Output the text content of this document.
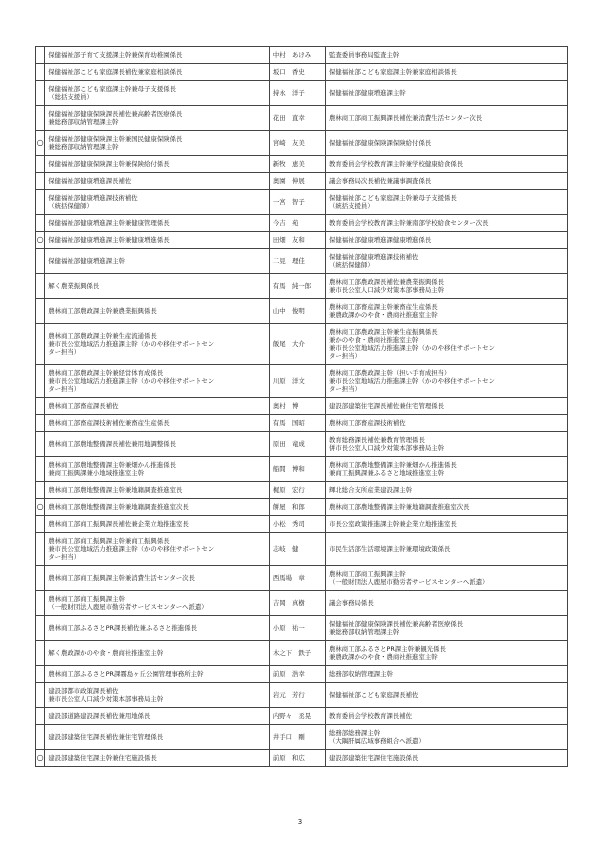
	保健福祉部子育て支援課主幹兼保育幼稚園係長	中村　あけみ	監査委員事務局監査主幹

	保健福祉部こども家庭課長補佐兼家庭相談係長	坂口　香史	保健福祉部こども家庭課主幹兼家庭相談係長

	保健福祉部こども家庭課主幹兼母子支援係長
（総括支援員）	持永　洋子	保健福祉部健康増進課主幹

	保健福祉部健康保険課長補佐兼高齢者医療係長
兼総務部収納管理課主幹	花田　直幸	農林商工部商工振興課長補佐兼消費生活センター次長

○	保健福祉部健康保険課主幹兼国民健康保険係長
兼総務部収納管理課主幹	宮崎　友美	保健福祉部健康保険課保険給付係長

	保健福祉部健康保険課主幹兼保険給付係長	新牧　恵美	教育委員会学校教育課主幹兼学校健康給食係長

	保健福祉部健康増進課長補佐	奥園　伸展	議会事務局次長補佐兼議事調査係長

	保健福祉部健康増進課技術補佐
（統括保健師）	一宮　智子	保健福祉部こども家庭課主幹兼母子支援係長
（統括支援員）

	保健福祉部健康増進課主幹兼健康管理係長	今吉　苑	教育委員会学校教育課主幹兼南部学校給食センター次長

○	保健福祉部健康増進課主幹兼健康増進係長	田畑　友和	保健福祉部健康増進課健康増進係長

	保健福祉部健康増進課主幹	二見　理佳	保健福祉部健康増進課技術補佐
（統括保健師）

	解く農業振興係長	有馬　純一郎	農林商工部農政課長補佐兼農業振興係長
兼市長公室人口減少対策本部事務局主幹

	農林商工部農政課主幹兼農業振興係長	山中　俊明	農林商工部畜産課主幹兼畜産生産係長
兼農政課かのや食・農商社推進室主幹

	農林商工部農政課主幹兼生産流通係長
兼市長公室地域活力推進課主幹（かのや移住サポートセン
ター担当）	飯尾　大介	農林商工部農政課主幹兼生産振興係長
兼かのや食・農商社推進室主幹
兼市長公室地域活力推進課主幹（かのや移住サポートセン
ター担当）

	農林商工部農政課主幹兼経営体育成係長
兼市長公室地域活力推進課主幹（かのや移住サポートセン
ター担当）	川原　洋文	農林商工部農政課主幹（担い手育成担当）
兼市長公室地域活力推進課主幹（かのや移住サポートセン
ター担当）

	農林商工部畜産課長補佐	奥村　博	建設部建築住宅課長補佐兼住宅管理係長

	農林商工部畜産課技術補佐兼畜産生産係長	有馬　国昭	農林商工部畜産課技術補佐

	農林商工部農地整備課長補佐兼用地調整係長	原田　竜成	教育総務課長補佐兼教育管理係長
併市長公室人口減少対策本部事務局主幹

	農林商工部農地整備課主幹兼畑かん推進係長
兼商工振興課兼小地域推進室主幹	船間　博和	農林商工部農地整備課主幹兼畑かん推進係長
兼商工振興課兼ふるさと地域推進室主幹

	農林商工部農地整備課主幹兼地籍調査推進室長	梶原　宏行	輝北総合支所産業建設課主幹

○	農林商工部農地整備課主幹兼地籍調査推進室次長	餅屋　和郎	農林商工部農地整備課主幹兼地籍調査推進室次長

	農林商工部商工振興課長補佐兼企業立地推進室長	小松　秀司	市長公室政策推進課主幹兼企業立地推進室長

	農林商工部商工振興課主幹兼商工振興係長
兼市長公室地域活力推進課主幹（かのや移住サポートセン
ター担当）	志岐　健	市民生活部生活環境課主幹兼環境政策係長

	農林商工部商工振興課主幹兼消費生活センター次長	西馬場　章	農林商工部商工振興課主幹
（一般財団法人鹿屋市勤労者サービスセンターへ派遣）

	農林商工部商工振興課主幹
（一般財団法人鹿屋市勤労者サービスセンターへ派遣）	吉岡　真樹	議会事務局係長

	農林商工部ふるさとPR課長補佐兼ふるさと推進係長	小原　祐一	保健福祉部健康保険課長補佐兼高齢者医療係長
兼総務部収納管理課主幹

	解く農政課かのや食・農商社推進室主幹	木之下　鉄子	農林商工部ふるさとPR課主幹兼観光係長
兼農政課かのや食・農商社推進室主幹

	農林商工部ふるさとPR課霧島ヶ丘公園管理事務所主幹	前原　浩幸	総務部収納管理課主幹

	建設部都市政策課長補佐
兼市長公室人口減少対策本部事務局主幹	岩元　芳行	保健福祉部こども家庭課長補佐

	建設部道路建設課長補佐兼用地係長	内野々　丞晃	教育委員会学校教育課長補佐

	建設部建築住宅課長補佐兼住宅管理係長	井手口　剛	総務部総務課主幹
（大隅肝属広域事務組合へ派遣）

○	建設部建築住宅課主幹兼住宅施設係長	前原　和広	建設部建築住宅課住宅施設係長
3
